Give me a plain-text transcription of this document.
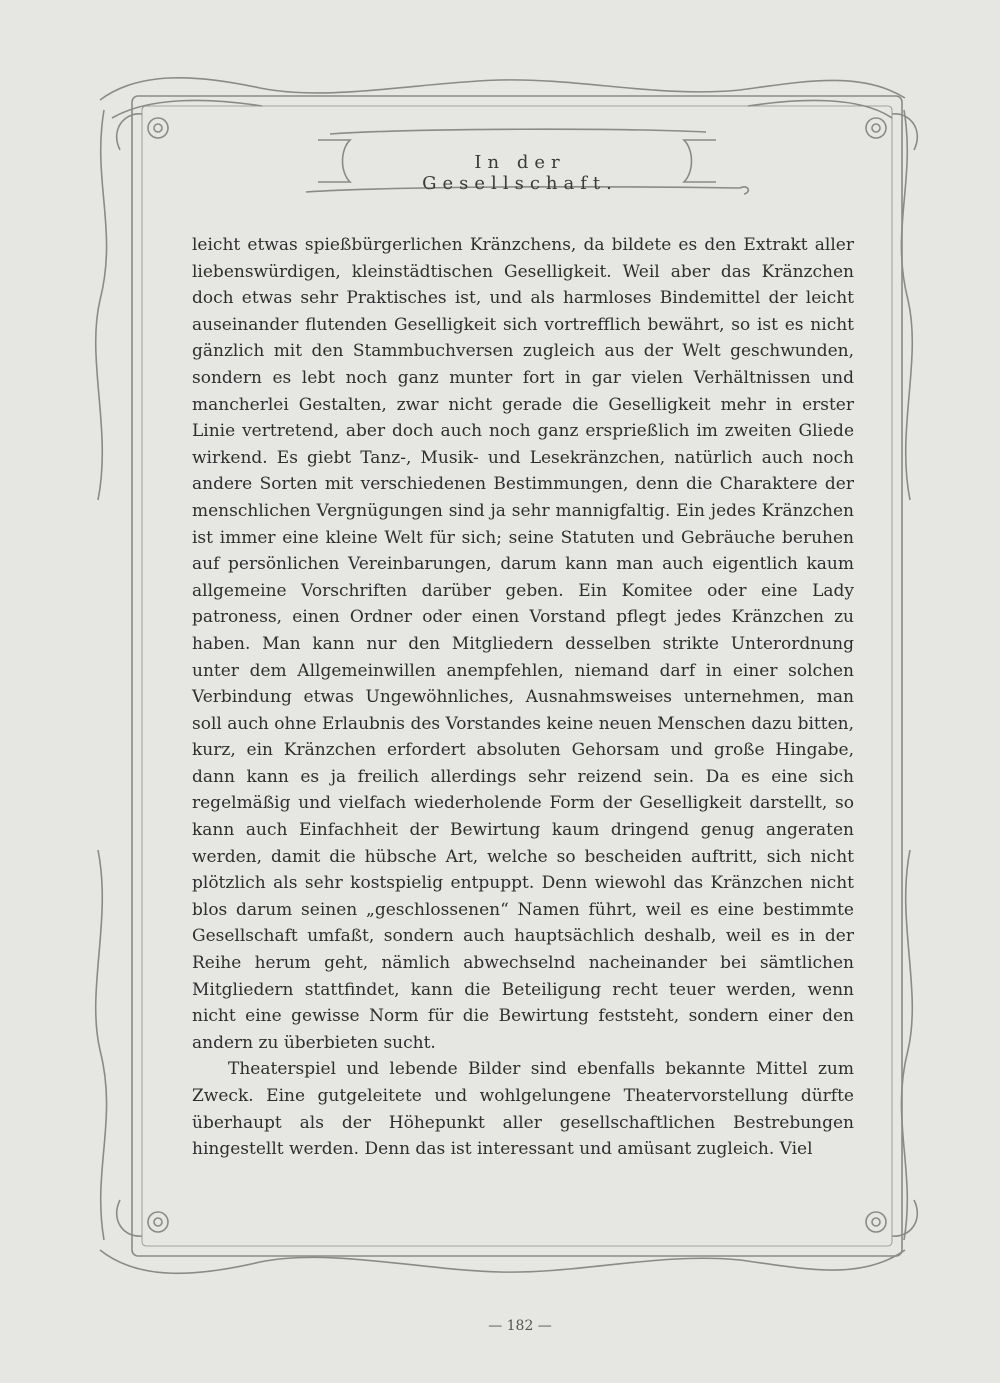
In der Gesellschaft.

leicht etwas spießbürgerlichen Kränzchens, da bildete es den Extrakt aller liebenswürdigen, kleinstädtischen Geselligkeit. Weil aber das Kränzchen doch etwas sehr Praktisches ist, und als harmloses Bindemittel der leicht auseinander flutenden Geselligkeit sich vortrefflich bewährt, so ist es nicht gänzlich mit den Stammbuchversen zugleich aus der Welt geschwunden, sondern es lebt noch ganz munter fort in gar vielen Verhältnissen und mancherlei Gestalten, zwar nicht gerade die Geselligkeit mehr in erster Linie vertretend, aber doch auch noch ganz ersprießlich im zweiten Gliede wirkend. Es giebt Tanz-, Musik- und Lesekränzchen, natürlich auch noch andere Sorten mit verschiedenen Bestimmungen, denn die Charaktere der menschlichen Vergnügungen sind ja sehr mannigfaltig. Ein jedes Kränzchen ist immer eine kleine Welt für sich; seine Statuten und Gebräuche beruhen auf persönlichen Vereinbarungen, darum kann man auch eigentlich kaum allgemeine Vorschriften darüber geben. Ein Komitee oder eine Lady patroness, einen Ordner oder einen Vorstand pflegt jedes Kränzchen zu haben. Man kann nur den Mitgliedern desselben strikte Unterordnung unter dem Allgemeinwillen anempfehlen, niemand darf in einer solchen Verbindung etwas Ungewöhnliches, Ausnahmsweises unternehmen, man soll auch ohne Erlaubnis des Vorstandes keine neuen Menschen dazu bitten, kurz, ein Kränzchen erfordert absoluten Gehorsam und große Hingabe, dann kann es ja freilich allerdings sehr reizend sein. Da es eine sich regelmäßig und vielfach wiederholende Form der Geselligkeit darstellt, so kann auch Einfachheit der Bewirtung kaum dringend genug angeraten werden, damit die hübsche Art, welche so bescheiden auftritt, sich nicht plötzlich als sehr kostspielig entpuppt. Denn wiewohl das Kränzchen nicht blos darum seinen „geschlossenen“ Namen führt, weil es eine bestimmte Gesellschaft umfaßt, sondern auch hauptsächlich deshalb, weil es in der Reihe herum geht, nämlich abwechselnd nacheinander bei sämtlichen Mitgliedern stattfindet, kann die Beteiligung recht teuer werden, wenn nicht eine gewisse Norm für die Bewirtung feststeht, sondern einer den andern zu überbieten sucht.

Theaterspiel und lebende Bilder sind ebenfalls bekannte Mittel zum Zweck. Eine gutgeleitete und wohlgelungene Theatervorstellung dürfte überhaupt als der Höhepunkt aller gesellschaftlichen Bestrebungen hingestellt werden. Denn das ist interessant und amüsant zugleich. Viel

— 182 —
